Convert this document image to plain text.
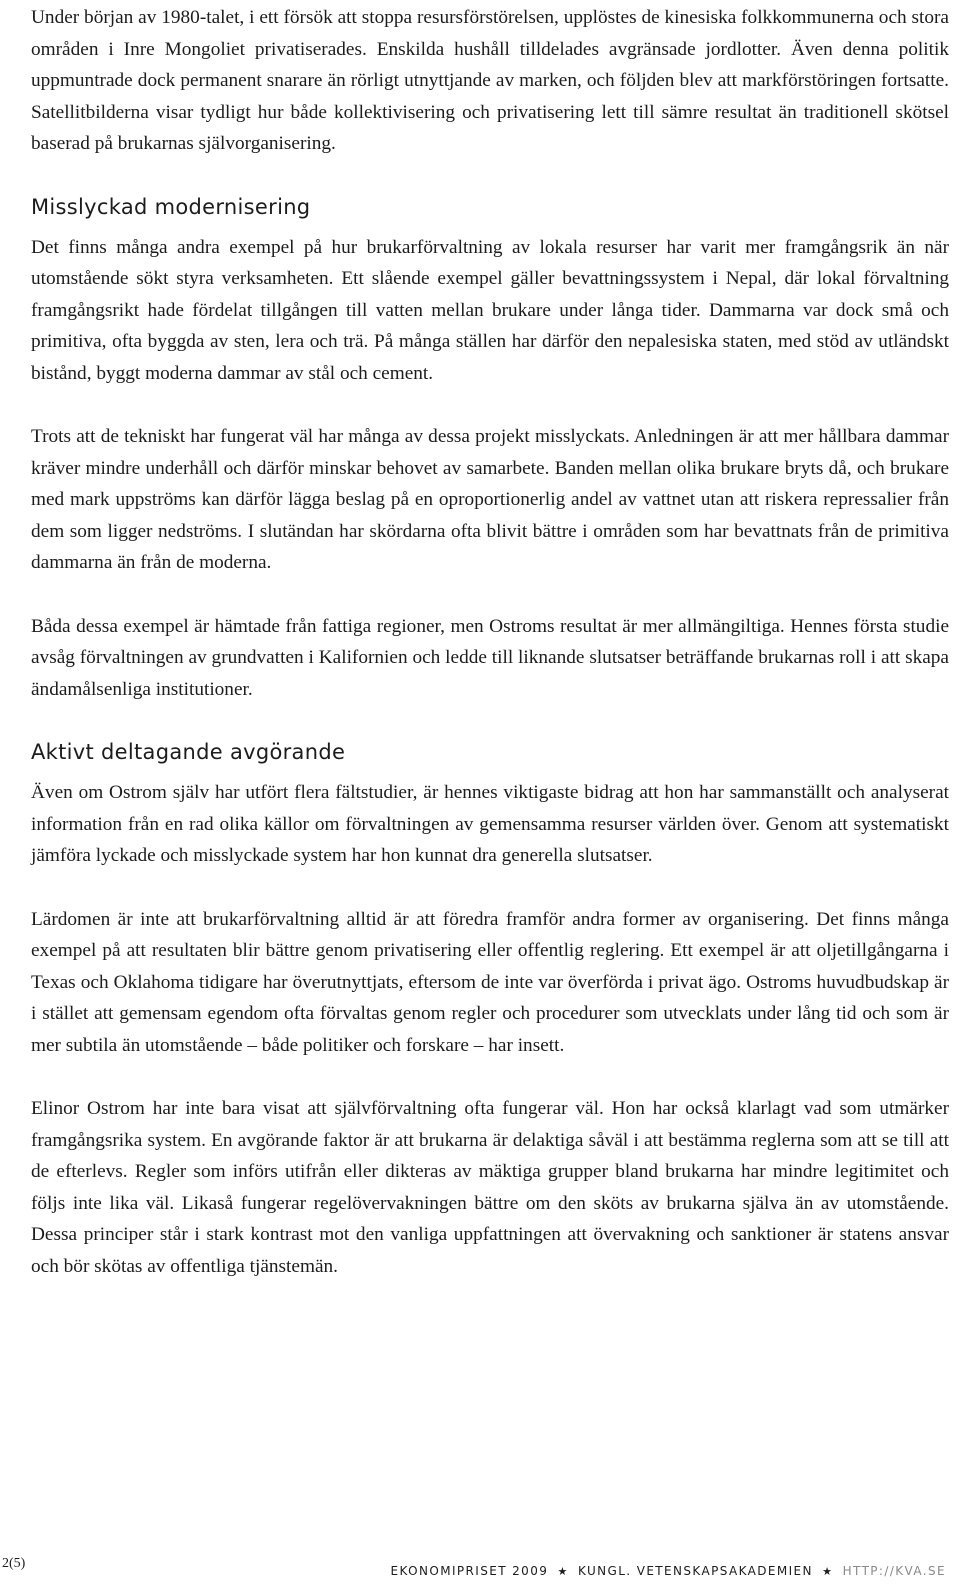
Under början av 1980-talet, i ett försök att stoppa resursförstörelsen, upplöstes de kinesiska folkkommunerna och stora områden i Inre Mongoliet privatiserades. Enskilda hushåll tilldelades avgränsade jordlotter. Även denna politik uppmuntrade dock permanent snarare än rörligt utnyttjande av marken, och följden blev att markförstöringen fortsatte. Satellitbilderna visar tydligt hur både kollektivisering och privatisering lett till sämre resultat än traditionell skötsel baserad på brukarnas självorganisering.

Misslyckad modernisering

Det finns många andra exempel på hur brukarförvaltning av lokala resurser har varit mer framgångsrik än när utomstående sökt styra verksamheten. Ett slående exempel gäller bevattningssystem i Nepal, där lokal förvaltning framgångsrikt hade fördelat tillgången till vatten mellan brukare under långa tider. Dammarna var dock små och primitiva, ofta byggda av sten, lera och trä. På många ställen har därför den nepalesiska staten, med stöd av utländskt bistånd, byggt moderna dammar av stål och cement.

Trots att de tekniskt har fungerat väl har många av dessa projekt misslyckats. Anledningen är att mer hållbara dammar kräver mindre underhåll och därför minskar behovet av samarbete. Banden mellan olika brukare bryts då, och brukare med mark uppströms kan därför lägga beslag på en oproportionerlig andel av vattnet utan att riskera repressalier från dem som ligger nedströms. I slutändan har skördarna ofta blivit bättre i områden som har bevattnats från de primitiva dammarna än från de moderna.

Båda dessa exempel är hämtade från fattiga regioner, men Ostroms resultat är mer allmängiltiga. Hennes första studie avsåg förvaltningen av grundvatten i Kalifornien och ledde till liknande slutsatser beträffande brukarnas roll i att skapa ändamålsenliga institutioner.

Aktivt deltagande avgörande

Även om Ostrom själv har utfört flera fältstudier, är hennes viktigaste bidrag att hon har sammanställt och analyserat information från en rad olika källor om förvaltningen av gemensamma resurser världen över. Genom att systematiskt jämföra lyckade och misslyckade system har hon kunnat dra generella slutsatser.

Lärdomen är inte att brukarförvaltning alltid är att föredra framför andra former av organisering. Det finns många exempel på att resultaten blir bättre genom privatisering eller offentlig reglering. Ett exempel är att oljetillgångarna i Texas och Oklahoma tidigare har överutnyttjats, eftersom de inte var överförda i privat ägo. Ostroms huvudbudskap är i stället att gemensam egendom ofta förvaltas genom regler och procedurer som utvecklats under lång tid och som är mer subtila än utomstående – både politiker och forskare – har insett.

Elinor Ostrom har inte bara visat att självförvaltning ofta fungerar väl. Hon har också klarlagt vad som utmärker framgångsrika system. En avgörande faktor är att brukarna är delaktiga såväl i att bestämma reglerna som att se till att de efterlevs. Regler som införs utifrån eller dikteras av mäktiga grupper bland brukarna har mindre legitimitet och följs inte lika väl. Likaså fungerar regelövervakningen bättre om den sköts av brukarna själva än av utomstående. Dessa principer står i stark kontrast mot den vanliga uppfattningen att övervakning och sanktioner är statens ansvar och bör skötas av offentliga tjänstemän.

2(5)	EKONOMIPRISET 2009 ★ KUNGL. VETENSKAPSAKADEMIEN ★ HTTP://KVA.SE
